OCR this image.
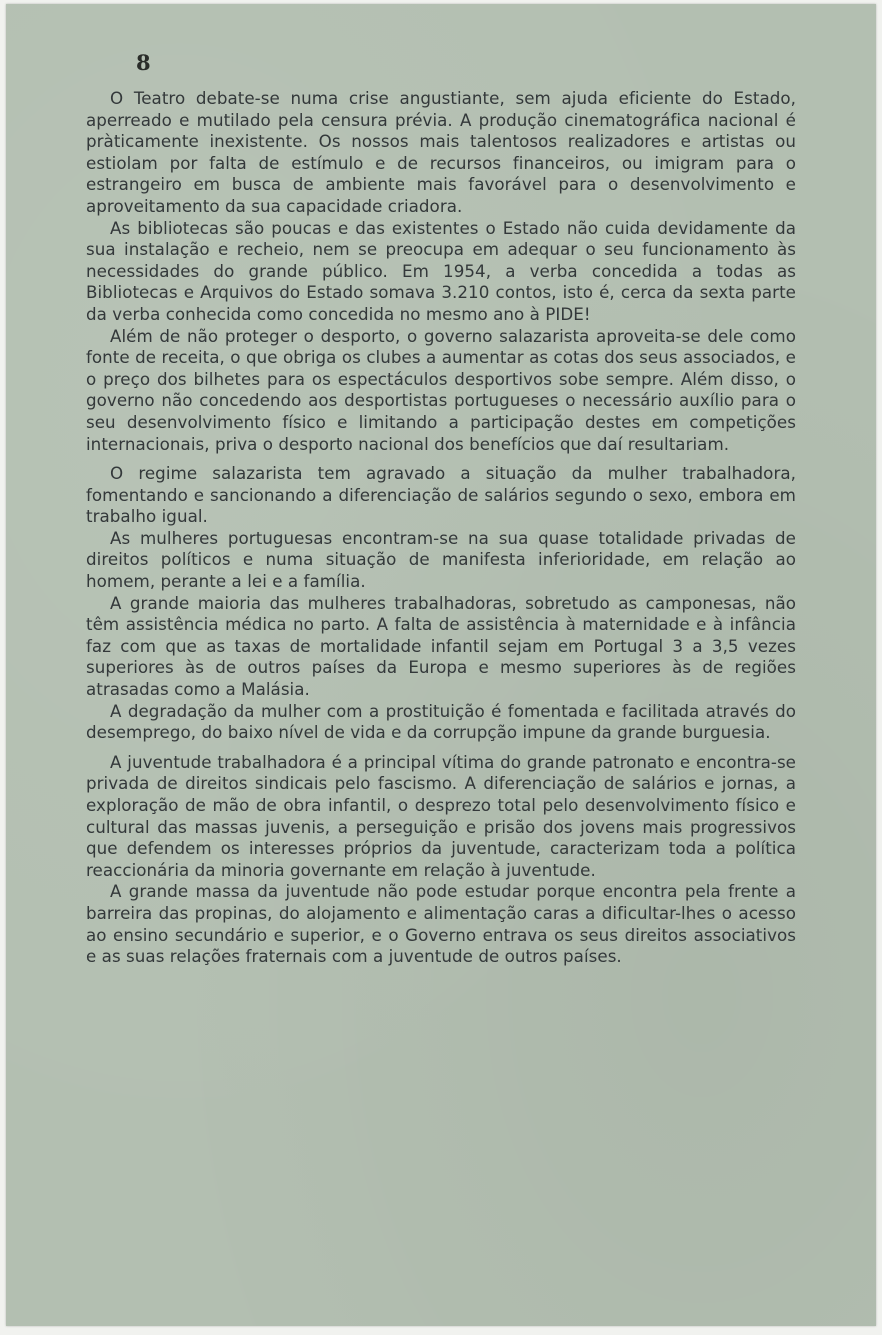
8

O Teatro debate-se numa crise angustiante, sem ajuda eficiente do Estado, aperreado e mutilado pela censura prévia. A produção cinematográfica nacional é pràticamente inexistente. Os nossos mais talentosos realizadores e artistas ou estiolam por falta de estímulo e de recursos financeiros, ou imigram para o estrangeiro em busca de ambiente mais favorável para o desenvolvimento e aproveitamento da sua capacidade criadora.

As bibliotecas são poucas e das existentes o Estado não cuida devidamente da sua instalação e recheio, nem se preocupa em adequar o seu funcionamento às necessidades do grande público. Em 1954, a verba concedida a todas as Bibliotecas e Arquivos do Estado somava 3.210 contos, isto é, cerca da sexta parte da verba conhecida como concedida no mesmo ano à PIDE!

Além de não proteger o desporto, o governo salazarista aproveita-se dele como fonte de receita, o que obriga os clubes a aumentar as cotas dos seus associados, e o preço dos bilhetes para os espectáculos desportivos sobe sempre. Além disso, o governo não concedendo aos desportistas portugueses o necessário auxílio para o seu desenvolvimento físico e limitando a participação destes em competições internacionais, priva o desporto nacional dos benefícios que daí resultariam.

O regime salazarista tem agravado a situação da mulher trabalhadora, fomentando e sancionando a diferenciação de salários segundo o sexo, embora em trabalho igual.

As mulheres portuguesas encontram-se na sua quase totalidade privadas de direitos políticos e numa situação de manifesta inferioridade, em relação ao homem, perante a lei e a família.

A grande maioria das mulheres trabalhadoras, sobretudo as camponesas, não têm assistência médica no parto. A falta de assistência à maternidade e à infância faz com que as taxas de mortalidade infantil sejam em Portugal 3 a 3,5 vezes superiores às de outros países da Europa e mesmo superiores às de regiões atrasadas como a Malásia.

A degradação da mulher com a prostituição é fomentada e facilitada através do desemprego, do baixo nível de vida e da corrupção impune da grande burguesia.

A juventude trabalhadora é a principal vítima do grande patronato e encontra-se privada de direitos sindicais pelo fascismo. A diferenciação de salários e jornas, a exploração de mão de obra infantil, o desprezo total pelo desenvolvimento físico e cultural das massas juvenis, a perseguição e prisão dos jovens mais progressivos que defendem os interesses próprios da juventude, caracterizam toda a política reaccionária da minoria governante em relação à juventude.

A grande massa da juventude não pode estudar porque encontra pela frente a barreira das propinas, do alojamento e alimentação caras a dificultar-lhes o acesso ao ensino secundário e superior, e o Governo entrava os seus direitos associativos e as suas relações fraternais com a juventude de outros países.
